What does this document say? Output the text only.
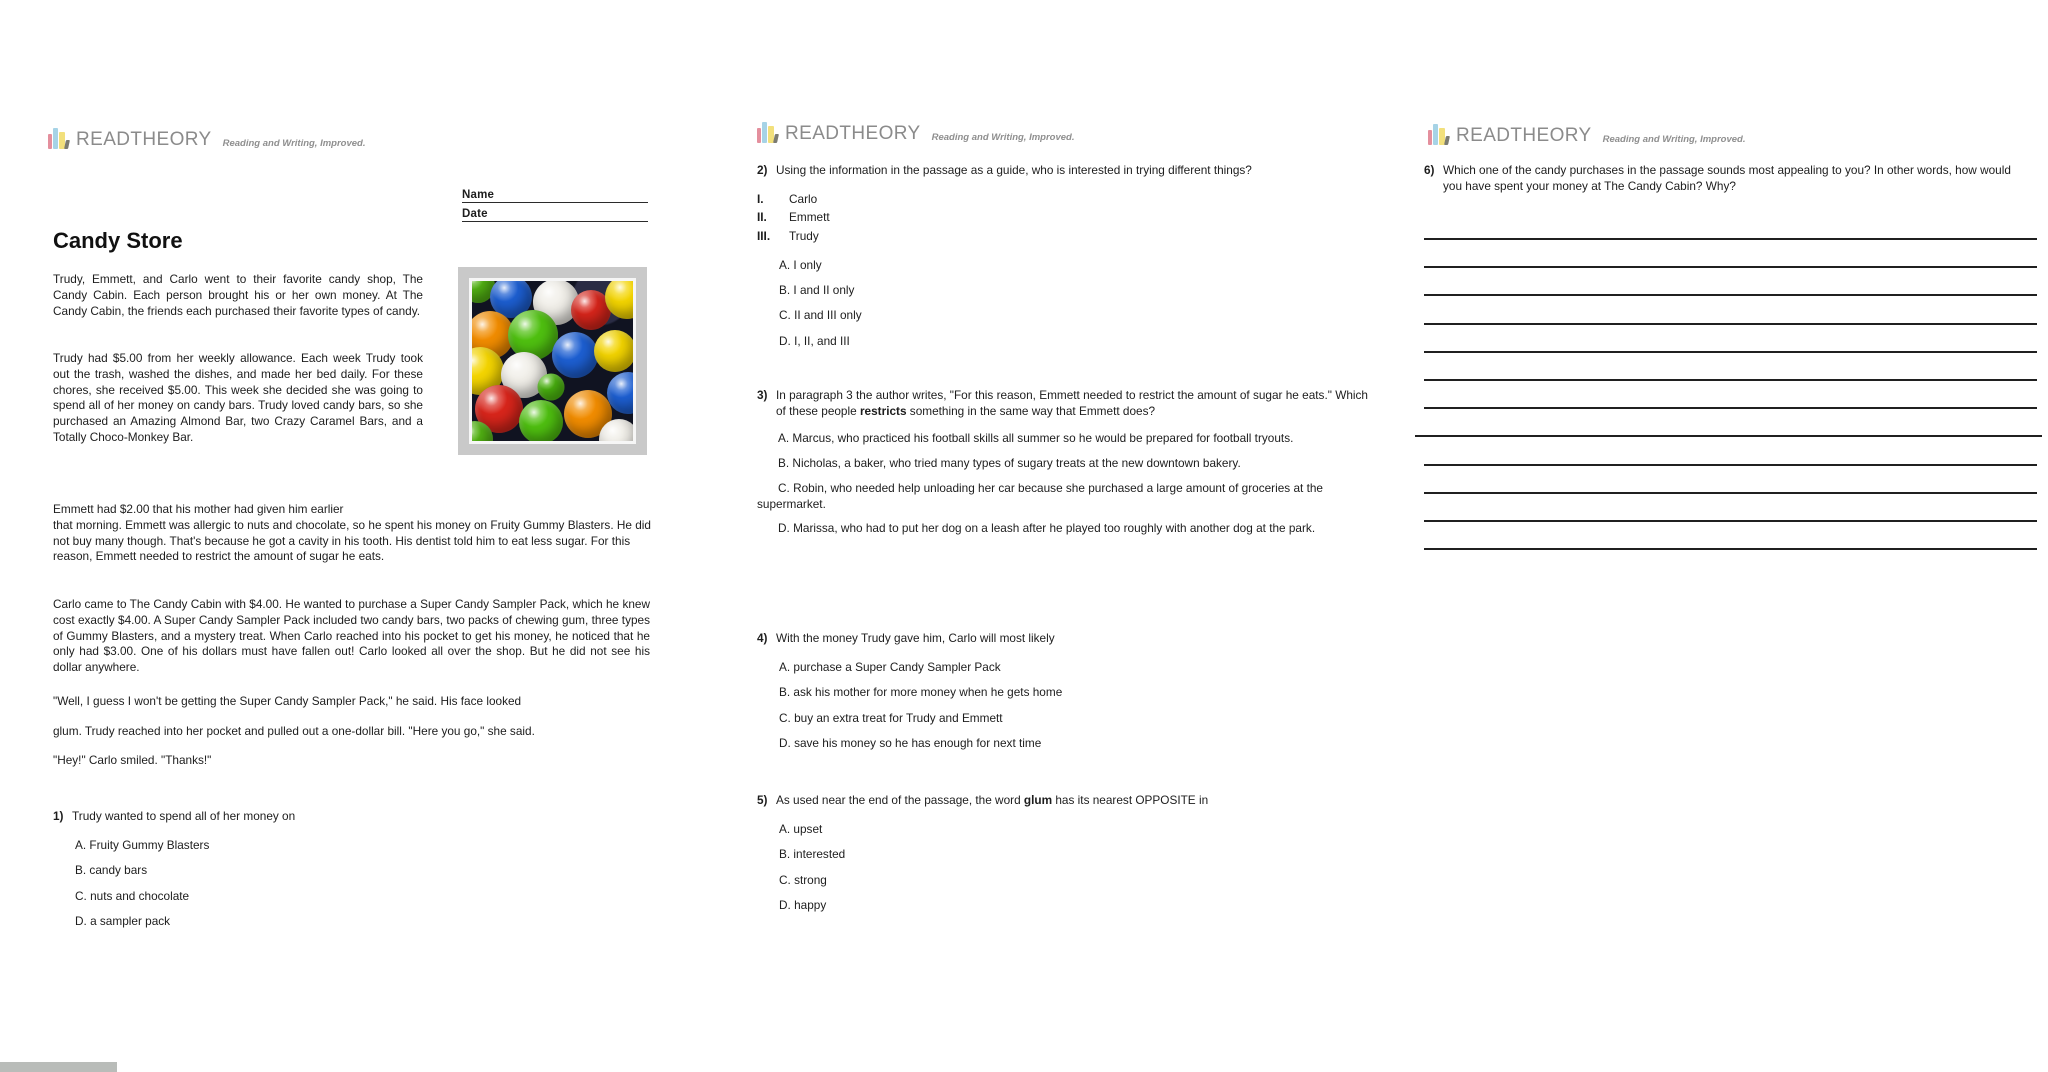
READTHEORY Reading and Writing, Improved.
Name
Date
Candy Store

Trudy, Emmett, and Carlo went to their favorite candy shop, The Candy Cabin. Each person brought his or her own money. At The Candy Cabin, the friends each purchased their favorite types of candy.

Trudy had $5.00 from her weekly allowance. Each week Trudy took out the trash, washed the dishes, and made her bed daily. For these chores, she received $5.00. This week she decided she was going to spend all of her money on candy bars. Trudy loved candy bars, so she purchased an Amazing Almond Bar, two Crazy Caramel Bars, and a Totally Choco-Monkey Bar.

Emmett had $2.00 that his mother had given him earlier
that morning. Emmett was allergic to nuts and chocolate, so he spent his money on Fruity Gummy Blasters. He did not buy many though. That's because he got a cavity in his tooth. His dentist told him to eat less sugar. For this reason, Emmett needed to restrict the amount of sugar he eats.

Carlo came to The Candy Cabin with $4.00. He wanted to purchase a Super Candy Sampler Pack, which he knew cost exactly $4.00. A Super Candy Sampler Pack included two candy bars, two packs of chewing gum, three types of Gummy Blasters, and a mystery treat. When Carlo reached into his pocket to get his money, he noticed that he only had $3.00. One of his dollars must have fallen out! Carlo looked all over the shop. But he did not see his dollar anywhere.

"Well, I guess I won't be getting the Super Candy Sampler Pack," he said. His face looked
glum. Trudy reached into her pocket and pulled out a one-dollar bill. "Here you go," she said.
"Hey!" Carlo smiled. "Thanks!"
1) Trudy wanted to spend all of her money on
A. Fruity Gummy Blasters
B. candy bars
C. nuts and chocolate
D. a sampler pack
READTHEORY Reading and Writing, Improved.
2) Using the information in the passage as a guide, who is interested in trying different things?
I.	Carlo
II.	Emmett
III.	Trudy
A. I only
B. I and II only
C. II and III only
D. I, II, and III
3) In paragraph 3 the author writes, "For this reason, Emmett needed to restrict the amount of sugar he eats." Which of these people restricts something in the same way that Emmett does?
A. Marcus, who practiced his football skills all summer so he would be prepared for football tryouts.
B. Nicholas, a baker, who tried many types of sugary treats at the new downtown bakery.
C. Robin, who needed help unloading her car because she purchased a large amount of groceries at the supermarket.
D. Marissa, who had to put her dog on a leash after he played too roughly with another dog at the park.
4) With the money Trudy gave him, Carlo will most likely
A. purchase a Super Candy Sampler Pack
B. ask his mother for more money when he gets home
C. buy an extra treat for Trudy and Emmett
D. save his money so he has enough for next time
5) As used near the end of the passage, the word glum has its nearest OPPOSITE in
A. upset
B. interested
C. strong
D. happy
READTHEORY Reading and Writing, Improved.
6) Which one of the candy purchases in the passage sounds most appealing to you? In other words, how would you have spent your money at The Candy Cabin? Why?
